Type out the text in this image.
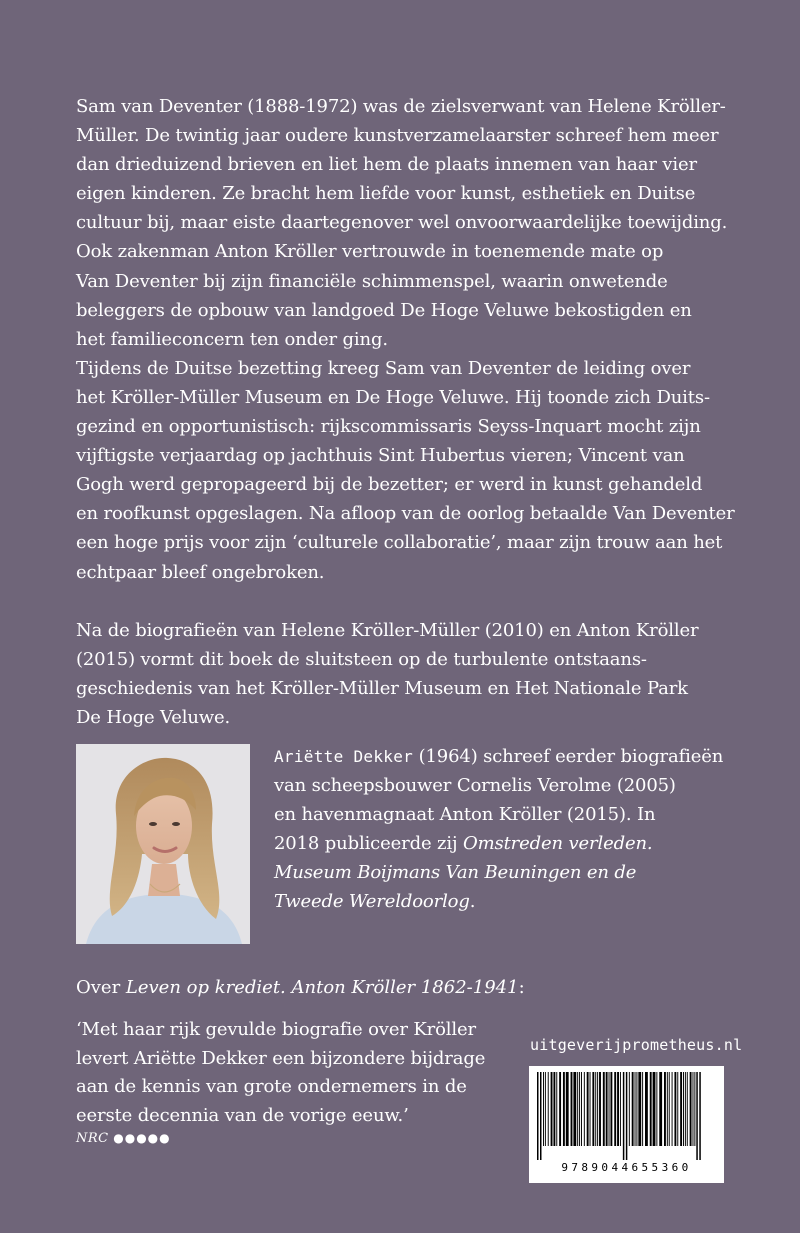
Sam van Deventer (1888-1972) was de zielsverwant van Helene Kröller-
Müller. De twintig jaar oudere kunstverzamelaarster schreef hem meer
dan drieduizend brieven en liet hem de plaats innemen van haar vier
eigen kinderen. Ze bracht hem liefde voor kunst, esthetiek en Duitse
cultuur bij, maar eiste daartegenover wel onvoorwaardelijke toewijding.
Ook zakenman Anton Kröller vertrouwde in toenemende mate op
Van Deventer bij zijn financiële schimmenspel, waarin onwetende
beleggers de opbouw van landgoed De Hoge Veluwe bekostigden en
het familieconcern ten onder ging.

Tijdens de Duitse bezetting kreeg Sam van Deventer de leiding over
het Kröller-Müller Museum en De Hoge Veluwe. Hij toonde zich Duits-
gezind en opportunistisch: rijkscommissaris Seyss-Inquart mocht zijn
vijftigste verjaardag op jachthuis Sint Hubertus vieren; Vincent van
Gogh werd gepropageerd bij de bezetter; er werd in kunst gehandeld
en roofkunst opgeslagen. Na afloop van de oorlog betaalde Van Deventer
een hoge prijs voor zijn ‘culturele collaboratie’, maar zijn trouw aan het
echtpaar bleef ongebroken.

Na de biografieën van Helene Kröller-Müller (2010) en Anton Kröller
(2015) vormt dit boek de sluitsteen op de turbulente ontstaans-
geschiedenis van het Kröller-Müller Museum en Het Nationale Park
De Hoge Veluwe.

Ariëtte Dekker (1964) schreef eerder biografieën
van scheepsbouwer Cornelis Verolme (2005)
en havenmagnaat Anton Kröller (2015). In
2018 publiceerde zij Omstreden verleden.
Museum Boijmans Van Beuningen en de
Tweede Wereldoorlog.
Over Leven op krediet. Anton Kröller 1862-1941:

‘Met haar rijk gevulde biografie over Kröller
levert Ariëtte Dekker een bijzondere bijdrage
aan de kennis van grote ondernemers in de
eerste decennia van de vorige eeuw.’

NRC ●●●●●
uitgeverijprometheus.nl
9789044655360
